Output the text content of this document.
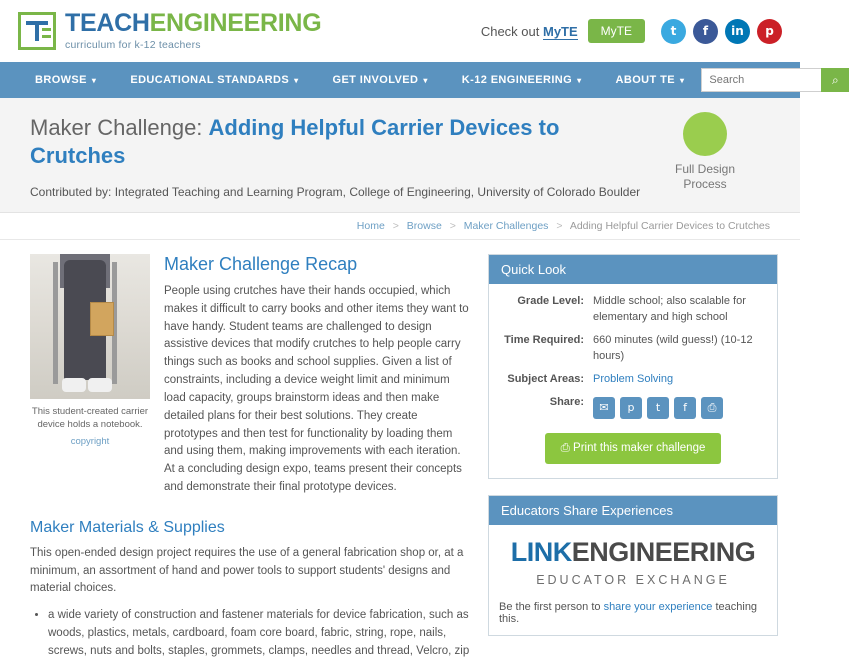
TEACHENGINEERING
curriculum for k-12 teachers
Check out MyTE	MyTE	t	f	in	p
BROWSE ▾	EDUCATIONAL STANDARDS ▾	GET INVOLVED ▾	K-12 ENGINEERING ▾	ABOUT TE ▾
Search	⌕
Maker Challenge: Adding Helpful Carrier Devices to Crutches
Contributed by: Integrated Teaching and Learning Program, College of Engineering, University of Colorado Boulder
Full Design
Process
Home > Browse > Maker Challenges > Adding Helpful Carrier Devices to Crutches
This student-created carrier device holds a notebook.
copyright
Maker Challenge Recap

People using crutches have their hands occupied, which makes it difficult to carry books and other items they want to have handy. Student teams are challenged to design assistive devices that modify crutches to help people carry things such as books and school supplies. Given a list of constraints, including a device weight limit and minimum load capacity, groups brainstorm ideas and then make detailed plans for their best solutions. They create prototypes and then test for functionality by loading them and using them, making improvements with each iteration. At a concluding design expo, teams present their concepts and demonstrate their final prototype devices.

Maker Materials & Supplies

This open-ended design project requires the use of a general fabrication shop or, at a minimum, an assortment of hand and power tools to support students' designs and material choices.

• a wide variety of construction and fastener materials for device fabrication, such as woods, plastics, metals, cardboard, foam core board, fabric, string, rope, nails, screws, nuts and bolts, staples, grommets, clamps, needles and thread, Velcro, zip
Quick Look
Grade Level: Middle school; also scalable for elementary and high school
Time Required: 660 minutes (wild guess!) (10-12 hours)
Subject Areas: Problem Solving
Share:	✉	p	t	f	⎙
⎙ Print this maker challenge
Educators Share Experiences
LINKENGINEERING
EDUCATOR EXCHANGE
Be the first person to share your experience teaching this.
